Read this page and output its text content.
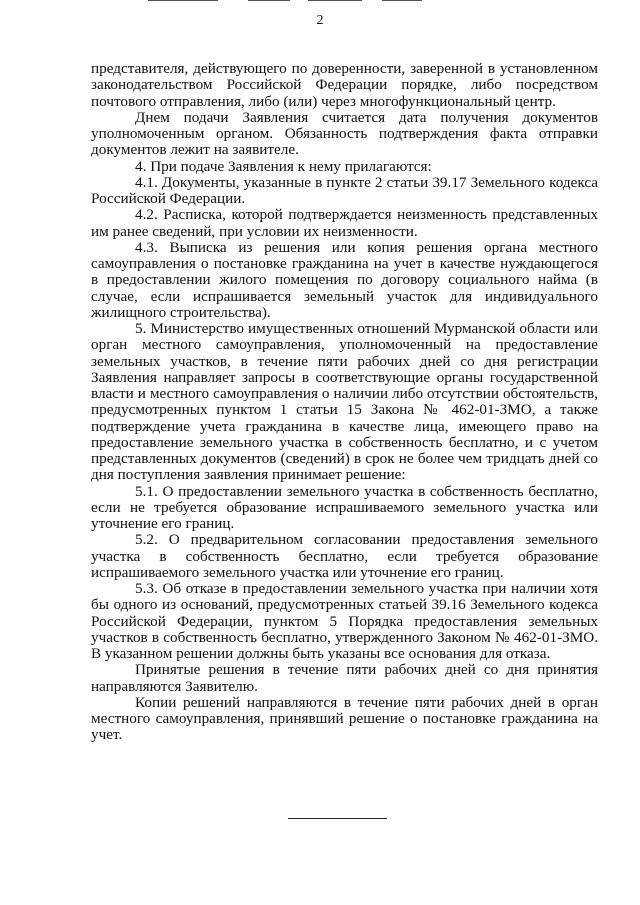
2

представителя, действующего по доверенности, заверенной в установленном законодательством Российской Федерации порядке, либо посредством почтового отправления, либо (или) через многофункциональный центр.

Днем подачи Заявления считается дата получения документов уполномоченным органом. Обязанность подтверждения факта отправки документов лежит на заявителе.

4. При подаче Заявления к нему прилагаются:

4.1. Документы, указанные в пункте 2 статьи 39.17 Земельного кодекса Российской Федерации.

4.2. Расписка, которой подтверждается неизменность представленных им ранее сведений, при условии их неизменности.

4.3. Выписка из решения или копия решения органа местного самоуправления о постановке гражданина на учет в качестве нуждающегося в предоставлении жилого помещения по договору социального найма (в случае, если испрашивается земельный участок для индивидуального жилищного строительства).

5. Министерство имущественных отношений Мурманской области или орган местного самоуправления, уполномоченный на предоставление земельных участков, в течение пяти рабочих дней со дня регистрации Заявления направляет запросы в соответствующие органы государственной власти и местного самоуправления о наличии либо отсутствии обстоятельств, предусмотренных пунктом 1 статьи 15 Закона № 462-01-ЗМО, а также подтверждение учета гражданина в качестве лица, имеющего право на предоставление земельного участка в собственность бесплатно, и с учетом представленных документов (сведений) в срок не более чем тридцать дней со дня поступления заявления принимает решение:

5.1. О предоставлении земельного участка в собственность бесплатно, если не требуется образование испрашиваемого земельного участка или уточнение его границ.

5.2. О предварительном согласовании предоставления земельного участка в собственность бесплатно, если требуется образование испрашиваемого земельного участка или уточнение его границ.

5.3. Об отказе в предоставлении земельного участка при наличии хотя бы одного из оснований, предусмотренных статьей 39.16 Земельного кодекса Российской Федерации, пунктом 5 Порядка предоставления земельных участков в собственность бесплатно, утвержденного Законом № 462-01-ЗМО. В указанном решении должны быть указаны все основания для отказа.

Принятые решения в течение пяти рабочих дней со дня принятия направляются Заявителю.

Копии решений направляются в течение пяти рабочих дней в орган местного самоуправления, принявший решение о постановке гражданина на учет.
